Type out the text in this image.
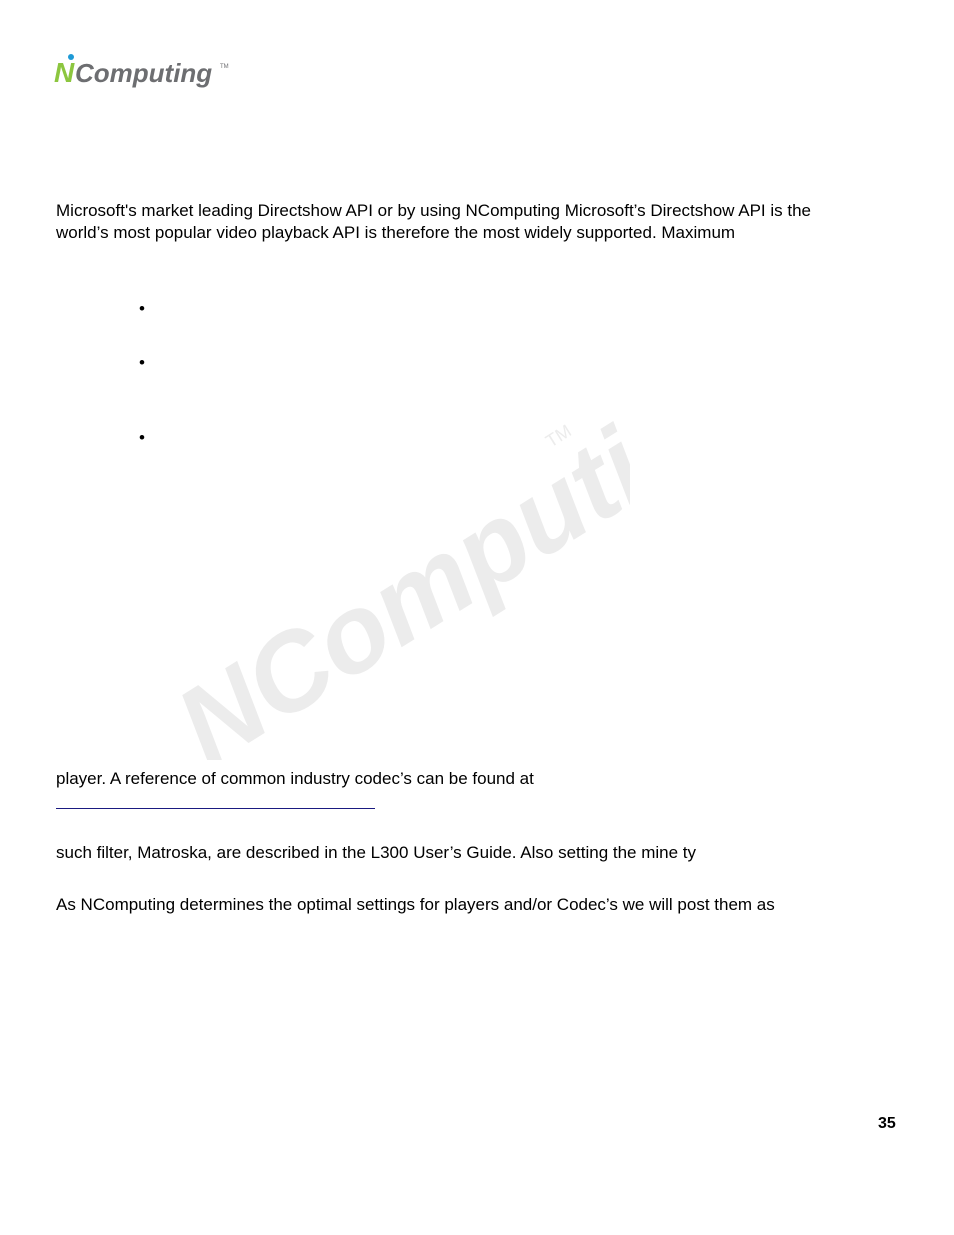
N Computing TM
NComputing
TM
Microsoft's market leading Directshow API or by using NComputing Microsoft’s Directshow API is the
world’s most popular video playback API is therefore the most widely supported. Maximum
•
•
•
player. A reference of common industry codec’s can be found at
such filter, Matroska, are described in the L300 User’s Guide. Also setting the mine ty
As NComputing determines the optimal settings for players and/or Codec’s we will post them as
35
